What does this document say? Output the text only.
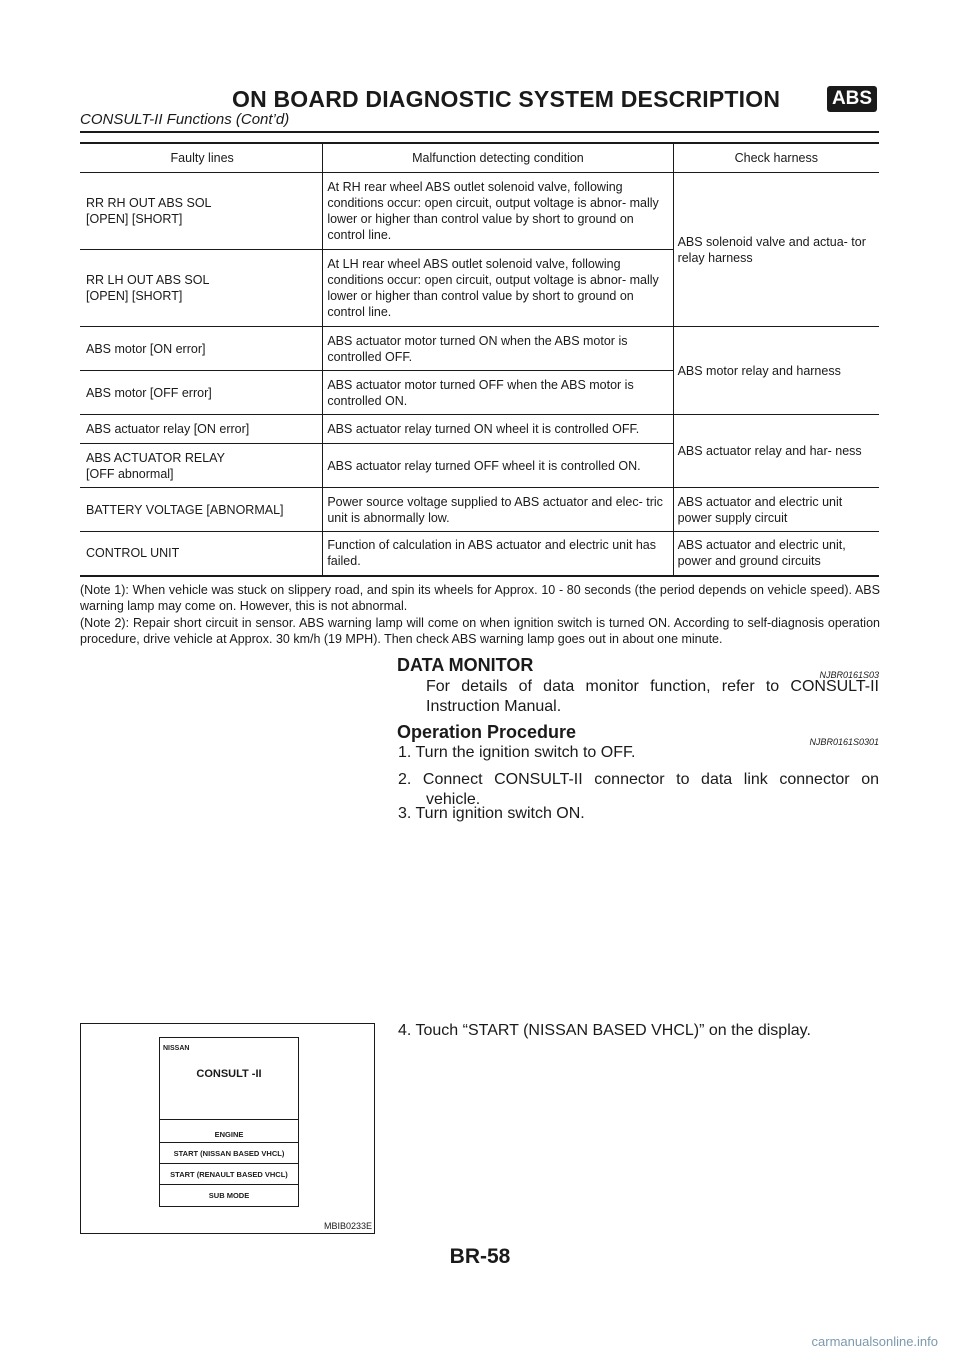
ON BOARD DIAGNOSTIC SYSTEM DESCRIPTION	ABS
CONSULT-II Functions (Cont’d)
Faulty lines	Malfunction detecting condition	Check harness
RR RH OUT ABS SOL
[OPEN] [SHORT]	At RH rear wheel ABS outlet solenoid valve, following conditions occur: open circuit, output voltage is abnor- mally lower or higher than control value by short to ground on control line.	ABS solenoid valve and actua- tor relay harness
RR LH OUT ABS SOL
[OPEN] [SHORT]	At LH rear wheel ABS outlet solenoid valve, following conditions occur: open circuit, output voltage is abnor- mally lower or higher than control value by short to ground on control line.	
ABS motor [ON error]	ABS actuator motor turned ON when the ABS motor is controlled OFF.	ABS motor relay and harness
ABS motor [OFF error]	ABS actuator motor turned OFF when the ABS motor is controlled ON.	
ABS actuator relay [ON error]	ABS actuator relay turned ON wheel it is controlled OFF.	ABS actuator relay and har- ness
ABS ACTUATOR RELAY
[OFF abnormal]	ABS actuator relay turned OFF wheel it is controlled ON.	
BATTERY VOLTAGE [ABNORMAL]	Power source voltage supplied to ABS actuator and elec- tric unit is abnormally low.	ABS actuator and electric unit power supply circuit
CONTROL UNIT	Function of calculation in ABS actuator and electric unit has failed.	ABS actuator and electric unit, power and ground circuits
(Note 1): When vehicle was stuck on slippery road, and spin its wheels for Approx. 10 - 80 seconds (the period depends on vehicle speed). ABS warning lamp may come on. However, this is not abnormal.
(Note 2): Repair short circuit in sensor. ABS warning lamp will come on when ignition switch is turned ON. According to self-diagnosis operation procedure, drive vehicle at Approx. 30 km/h (19 MPH). Then check ABS warning lamp goes out in about one minute.
DATA MONITOR	NJBR0161S03
For details of data monitor function, refer to CONSULT-II Instruction Manual.
Operation Procedure	NJBR0161S0301
1. Turn the ignition switch to OFF.
2. Connect CONSULT-II connector to data link connector on
vehicle.
3. Turn ignition switch ON.
4. Touch “START (NISSAN BASED VHCL)” on the display.
NISSAN
CONSULT -II
ENGINE
START (NISSAN BASED VHCL)
START (RENAULT BASED VHCL)
SUB MODE
MBIB0233E
BR-58
carmanualsonline.info
